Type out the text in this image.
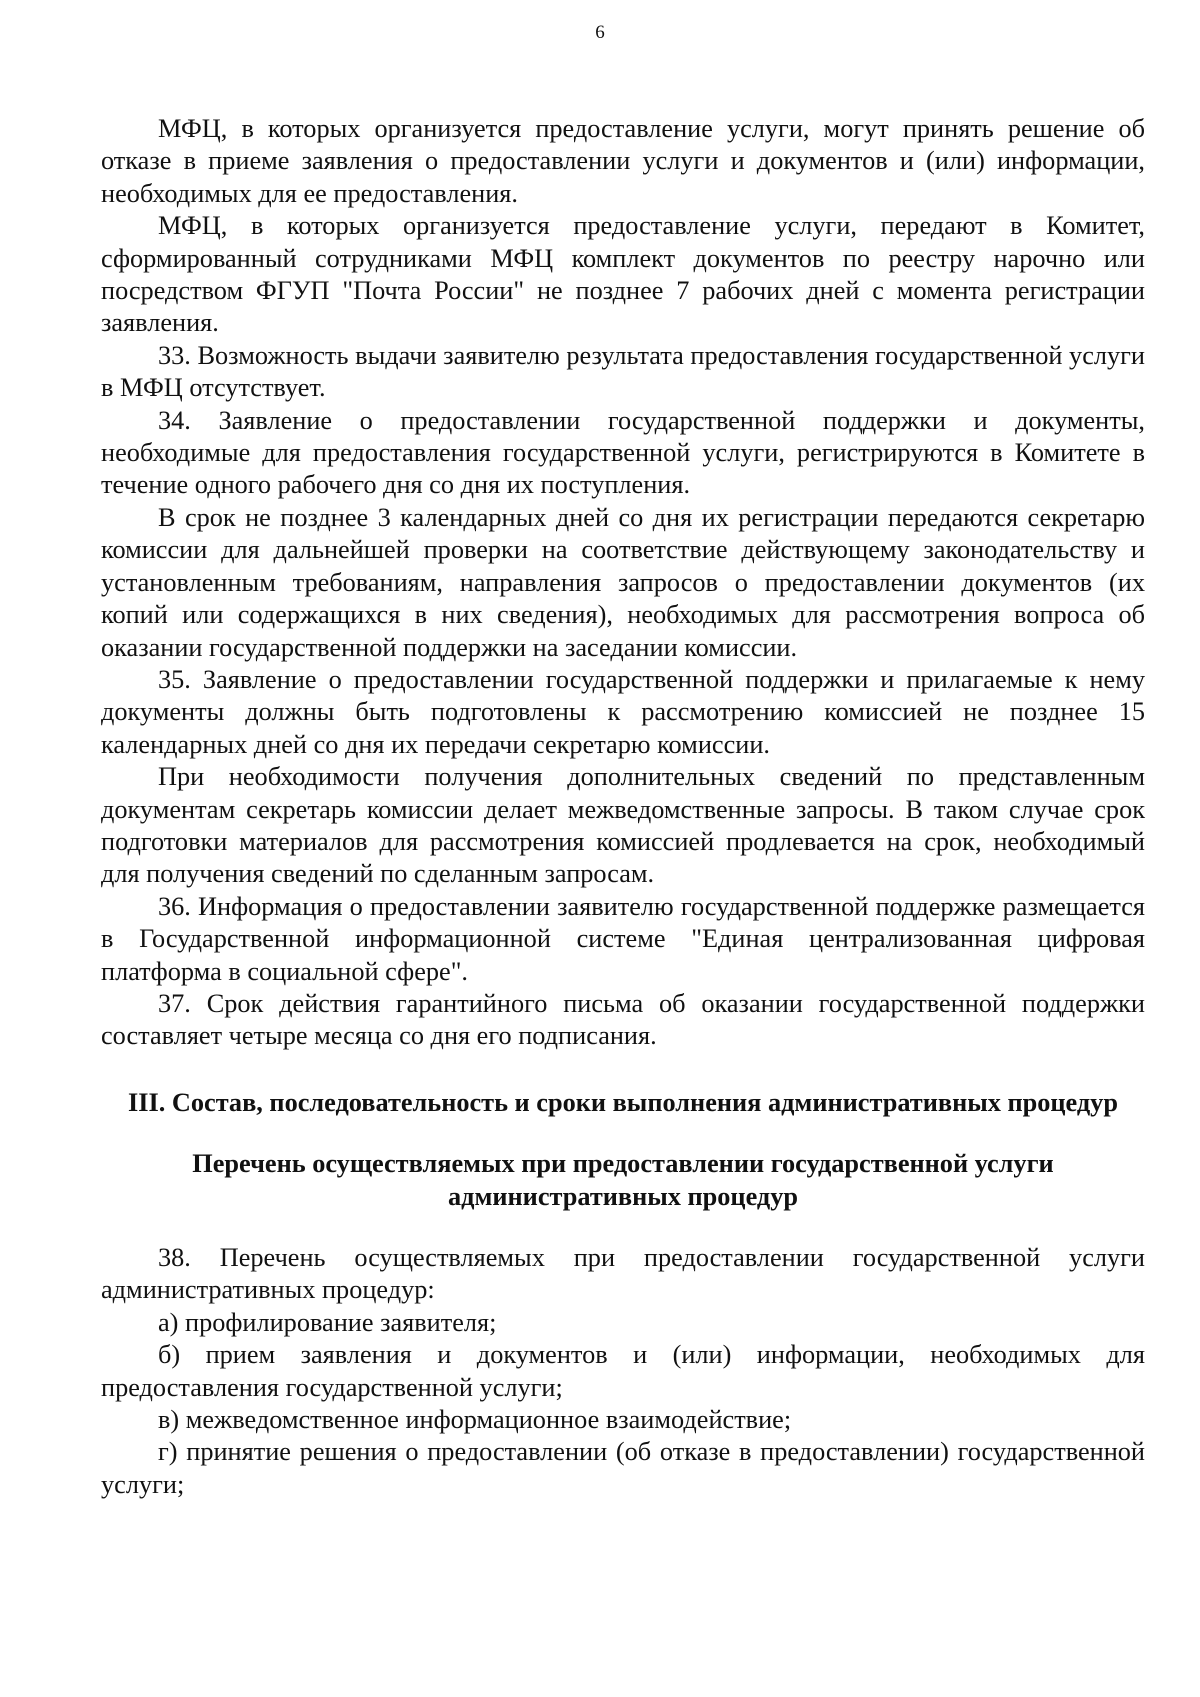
6

МФЦ, в которых организуется предоставление услуги, могут принять решение об отказе в приеме заявления о предоставлении услуги и документов и (или) информации, необходимых для ее предоставления.

МФЦ, в которых организуется предоставление услуги, передают в Комитет, сформированный сотрудниками МФЦ комплект документов по реестру нарочно или посредством ФГУП "Почта России" не позднее 7 рабочих дней с момента регистрации заявления.

33. Возможность выдачи заявителю результата предоставления государственной услуги в МФЦ отсутствует.

34. Заявление о предоставлении государственной поддержки и документы, необходимые для предоставления государственной услуги, регистрируются в Комитете в течение одного рабочего дня со дня их поступления.

В срок не позднее 3 календарных дней со дня их регистрации передаются секретарю комиссии для дальнейшей проверки на соответствие действующему законодательству и установленным требованиям, направления запросов о предоставлении документов (их копий или содержащихся в них сведения), необходимых для рассмотрения вопроса об оказании государственной поддержки на заседании комиссии.

35. Заявление о предоставлении государственной поддержки и прилагаемые к нему документы должны быть подготовлены к рассмотрению комиссией не позднее 15 календарных дней со дня их передачи секретарю комиссии.

При необходимости получения дополнительных сведений по представленным документам секретарь комиссии делает межведомственные запросы. В таком случае срок подготовки материалов для рассмотрения комиссией продлевается на срок, необходимый для получения сведений по сделанным запросам.

36. Информация о предоставлении заявителю государственной поддержке размещается в Государственной информационной системе "Единая централизованная цифровая платформа в социальной сфере".

37. Срок действия гарантийного письма об оказании государственной поддержки составляет четыре месяца со дня его подписания.

III. Состав, последовательность и сроки выполнения административных процедур

Перечень осуществляемых при предоставлении государственной услуги административных процедур

38. Перечень осуществляемых при предоставлении государственной услуги административных процедур:

а) профилирование заявителя;

б) прием заявления и документов и (или) информации, необходимых для предоставления государственной услуги;

в) межведомственное информационное взаимодействие;

г) принятие решения о предоставлении (об отказе в предоставлении) государственной услуги;
